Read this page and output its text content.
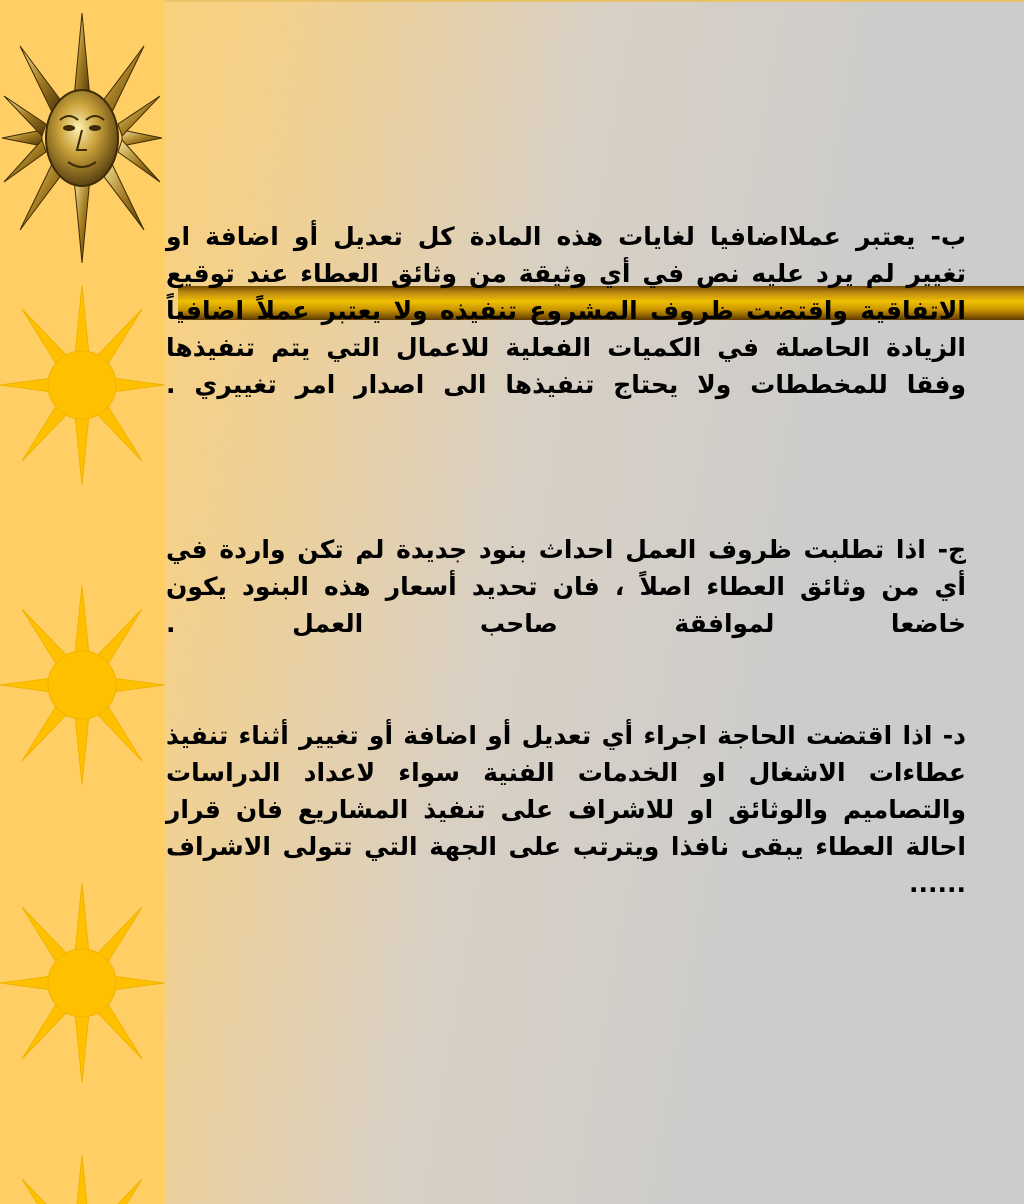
ب- يعتبر عملااضافيا لغايات هذه المادة كل تعديل أو اضافة او تغيير لم يرد عليه نص في أي وثيقة من وثائق العطاء عند توقيع الاتفاقية واقتضت ظروف المشروع تنفيذه ولا يعتبر عملاً اضافياً الزيادة الحاصلة في الكميات الفعلية للاعمال التي يتم تنفيذها وفقا للمخططات ولا يحتاج تنفيذها الى اصدار امر تغييري .

ج- اذا تطلبت ظروف العمل احداث بنود جديدة لم تكن واردة في أي من وثائق العطاء اصلاً ، فان تحديد أسعار هذه البنود يكون خاضعا لموافقة صاحب العمل .

د- اذا اقتضت الحاجة اجراء أي تعديل أو اضافة أو تغيير أثناء تنفيذ عطاءات الاشغال او الخدمات الفنية سواء لاعداد الدراسات والتصاميم والوثائق او للاشراف على تنفيذ المشاريع فان قرار احالة العطاء يبقى نافذا ويترتب على الجهة التي تتولى الاشراف ......
